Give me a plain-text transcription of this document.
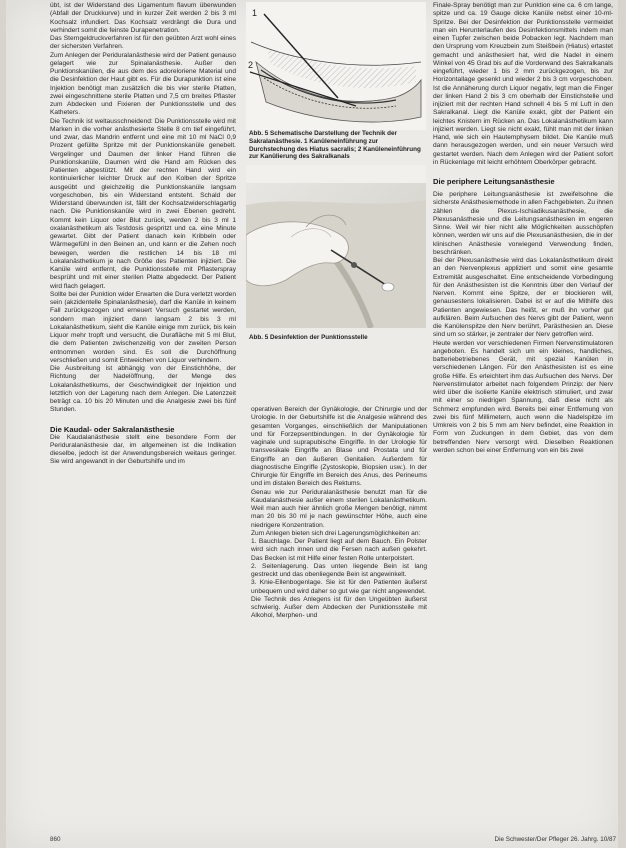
übt, ist der Widerstand des Ligamentum flavum überwunden (Abfall der Druckkurve) und in kurzer Zeit werden 2 bis 3 ml Kochsalz infundiert. Das Kochsalz verdrängt die Dura und verhindert somit die feinste Durapenetration.

Das Sterngeldruckverfahren ist für den geübten Arzt wohl eines der sichersten Verfahren.

Zum Anlegen der Periduralanästhesie wird der Patient genauso gelagert wie zur Spinalanästhesie. Außer den Punktionskanülen, die aus dem des adoreloriene Material und die Desinfektion der Haut gibt es. Für die Durapunktion ist eine Injektion benötigt man zusätzlich die bis vier sterile Platten, zwei eingeschnittene sterile Platten und 7,5 cm breites Pflaster zum Abdecken und Fixieren der Punktionsstelle und des Katheters.

Die Technik ist weltausschneidend: Die Punktionsstelle wird mit Marken in die vorher anästhesierte Stelle 8 cm tief eingeführt, und zwar, das Mandrin entfernt und eine mit 10 ml NaCl 0,9 Prozent gefüllte Spritze mit der Punktionskanüle genebelt. Vergelinger und Daumen der linker Hand führen die Punktionskanüle, Daumen wird die Hand am Rücken des Patienten abgestützt. Mit der rechten Hand wird ein kontinuierlicher leichter Druck auf den Kolben der Spritze ausgeübt und gleichzeitig die Punktionskanüle langsam vorgeschoben, bis ein Widerstand entsteht. Schald der Widerstand überwunden ist, fällt der Kochsalzwiderschlagartig nach. Die Punktionskanüle wird in zwei Ebenen gedreht. Kommt kein Liquor oder Blut zurück, werden 2 bis 3 ml 1 oxalanästhetikum als Testdosis gespritzt und ca. eine Minute gewartet. Gibt der Patient danach kein Kribbeln oder Wärmegefühl in den Beinen an, und kann er die Zehen noch bewegen, werden die restlichen 14 bis 18 ml Lokalanästhetikum je nach Größe des Patienten injiziert. Die Kanüle wird entfernt, die Punktionsstelle mit Pflasterspray besprüht und mit einer sterilen Platte abgedeckt. Der Patient wird flach gelagert.

Sollte bei der Punktion wider Erwarten die Dura verletzt worden sein (akzidentelle Spinalanästhesie), darf die Kanüle in keinem Fall zurückgezogen und erneuert Versuch gestartet werden, sondern man injiziert dann langsam 2 bis 3 ml Lokalanästhetikum, sieht die Kanüle einige mm zurück, bis kein Liquor mehr tropft und versucht, die Durafläche mit 5 ml Blut, die dem Patienten zwischenzeitig von der zweiten Person entnommen worden sind. Es soll die Durchöffnung verschließen und somit Entweichen von Liquor verhindern.

Die Ausbreitung ist abhängig von der Einstichhöhe, der Richtung der Nadelöffnung, der Menge des Lokalanästhetikums, der Geschwindigkeit der Injektion und letztlich von der Lagerung nach dem Anlegen. Die Latenzzeit beträgt ca. 10 bis 20 Minuten und die Analgesie zwei bis fünf Stunden.

Die Kaudal- oder Sakralanästhesie

Die Kaudalanästhesie stellt eine besondere Form der Periduralanästhesie dar, im allgemeinen ist die Indikation dieselbe, jedoch ist der Anwendungsbereich weitaus geringer. Sie wird angewandt in der Geburtshilfe und im

1
2
Abb. 5 Schematische Darstellung der Technik der Sakralanästhesie. 1 Kanüleneinführung zur Durchstechung des Hiatus sacralis; 2 Kanüleneinführung zur Kanülierung des Sakralkanals
Abb. 5 Desinfektion der Punktionsstelle

operativen Bereich der Gynäkologie, der Chirurgie und der Urologie. In der Geburtshilfe ist die Analgesie während des gesamten Vorganges, einschließlich der Manipulationen und für Forzepsentbindungen. In der Gynäkologie für vaginale und suprapubische Eingriffe. In der Urologie für transvesikale Eingriffe an Blase und Prostata und für Eingriffe an den äußeren Genitalien. Außerdem für diagnostische Eingriffe (Zystoskopie, Biopsien usw.). In der Chirurgie für Eingriffe im Bereich des Anus, des Perineums und im distalen Bereich des Rektums.

Genau wie zur Periduralanästhesie benutzt man für die Kaudalanästhesie außer einem sterilen Lokalanästhetikum. Weil man auch hier ähnlich große Mengen benötigt, nimmt man 20 bis 30 ml je nach gewünschter Höhe, auch eine niedrigere Konzentration.

Zum Anlegen bieten sich drei Lagerungsmöglichkeiten an:

1. Bauchlage. Der Patient liegt auf dem Bauch. Ein Polster wird sich nach innen und die Fersen nach außen gekehrt. Das Becken ist mit Hilfe einer festen Rolle unterpolstert.

2. Seitenlagerung. Das unten liegende Bein ist lang gestreckt und das obenliegende Bein ist angewinkelt.

3. Knie-Ellenbogenlage. Sie ist für den Patienten äußerst unbequem und wird daher so gut wie gar nicht angewendet.

Die Technik des Anlegens ist für den Ungeübten äußerst schwierig. Außer dem Abdecken der Punktionsstelle mit Alkohol, Merphen- und

Finale-Spray benötigt man zur Punktion eine ca. 6 cm lange, spitze und ca. 19 Gauge dicke Kanüle nebst einer 10-ml-Spritze. Bei der Desinfektion der Punktionsstelle vermeidet man ein Herunterlaufen des Desinfektionsmittels indem man einen Tupfer zwischen beide Pobacken legt. Nachdem man den Ursprung vom Kreuzbein zum Steißbein (Hiatus) ertastet gemacht und anästhesiert hat, wird die Nadel in einem Winkel von 45 Grad bis auf die Vorderwand des Sakralkanals eingeführt, wieder 1 bis 2 mm zurückgezogen, bis zur Horizontallage gesenkt und wieder 2 bis 3 cm vorgeschoben. Ist die Annäherung durch Liquor negativ, legt man die Finger der linken Hand 2 bis 3 cm oberhalb der Einstichstelle und injiziert mit der rechten Hand schnell 4 bis 5 ml Luft in den Sakralkanal. Liegt die Kanüle exakt, gibt der Patient ein leichtes Knistern im Rücken an. Das Lokalanästhetikum kann injiziert werden. Liegt sie nicht exakt, fühlt man mit der linken Hand, wie sich ein Hautemphysem bildet. Die Kanüle muß dann herausgezogen werden, und ein neuer Versuch wird gestartet werden. Nach dem Anlegen wird der Patient sofort in Rückenlage mit leicht erhöhtem Oberkörper gebracht.

Die periphere Leitungsanästhesie

Die periphere Leitungsanästhesie ist zweifelsohne die sicherste Anästhesiemethode in allen Fachgebieten. Zu ihnen zählen die Plexus-Ischiadikusanästhesie, die Plexusanästhesie und die Leitungsanästhesien im engeren Sinne. Weil wir hier nicht alle Möglichkeiten ausschöpfen können, werden wir uns auf die Plexusanästhesien, die in der klinischen Anästhesie vorwiegend Verwendung finden, beschränken.

Bei der Plexusanästhesie wird das Lokalanästhetikum direkt an den Nervenplexus appliziert und somit eine gesamte Extremität ausgeschaltet. Eine entscheidende Vorbedingung für den Anästhesisten ist die Kenntnis über den Verlauf der Nerven. Kommt eine Spitze, der er blockieren will, genausestens lokalisieren. Dabei ist er auf die Mithilfe des Patienten angewiesen. Das heißt, er muß ihn vorher gut aufklären. Beim Aufsuchen des Nervs gibt der Patient, wenn die Kanülenspitze den Nerv berührt, Parästhesien an. Diese sind um so stärker, je zentraler der Nerv getroffen wird.

Heute werden vor verschiedenen Firmen Nervenstimulatoren angeboten. Es handelt sich um ein kleines, handliches, batteriebetriebenes Gerät, mit spezial Kanülen in verschiedenen Längen. Für den Anästhesisten ist es eine große Hilfe. Es erleichtert ihm das Aufsuchen des Nervs. Der Nervenstimulator arbeitet nach folgendem Prinzip: der Nerv wird über die isolierte Kanüle elektrisch stimuliert, und zwar mit einer so niedrigen Spannung, daß diese nicht als Schmerz empfunden wird. Bereits bei einer Entfernung von zwei bis fünf Millimetern, auch wenn die Nadelspitze im Umkreis von 2 bis 5 mm am Nerv befindet, eine Reaktion in Form von Zuckungen in dem Gebiet, das von dem betreffenden Nerv versorgt wird. Dieselben Reaktionen werden schon bei einer Entfernung von ein bis zwei

860	Die Schwester/Der Pfleger 26. Jahrg. 10/87
